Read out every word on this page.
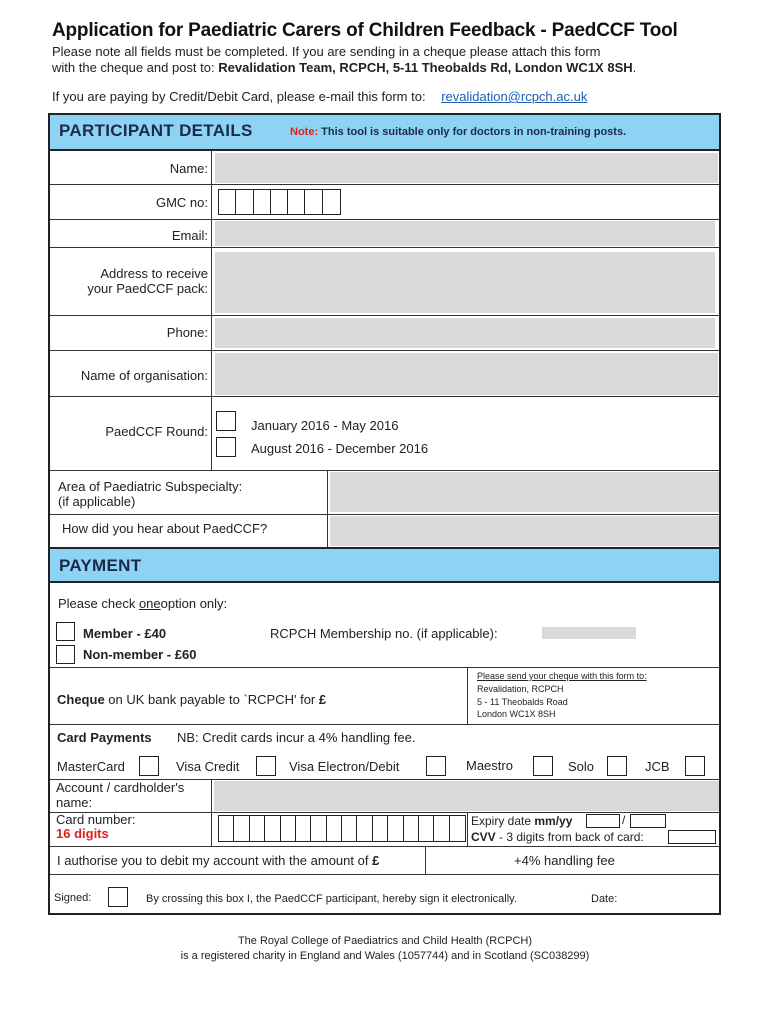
Application for Paediatric Carers of Children Feedback - PaedCCF Tool
Please note all fields must be completed. If you are sending in a cheque please attach this form
with the cheque and post to: Revalidation Team, RCPCH, 5-11 Theobalds Rd, London WC1X 8SH.
If you are paying by Credit/Debit Card, please e-mail this form to: revalidation@rcpch.ac.uk
PARTICIPANT DETAILS	Note: This tool is suitable only for doctors in non-training posts.
Name:
GMC no:
Email:
Address to receive
your PaedCCF pack:
Phone:
Name of organisation:
PaedCCF Round:	January 2016 - May 2016
August 2016 - December 2016
Area of Paediatric Subspecialty:
(if applicable)
How did you hear about PaedCCF?
PAYMENT
Please check oneoption only:
Member - £40	RCPCH Membership no. (if applicable):
Non-member - £60
Cheque on UK bank payable to `RCPCH' for £
Please send your cheque with this form to:
Revalidation, RCPCH
5 - 11 Theobalds Road
London WC1X 8SH
Card Payments NB: Credit cards incur a 4% handling fee.
MasterCard	Visa Credit	Visa Electron/Debit	Maestro	Solo	JCB
Account / cardholder's
name:
Card number:
16 digits
Expiry date mm/yy	/
CVV - 3 digits from back of card:
I authorise you to debit my account with the amount of £	+4% handling fee
Signed:	By crossing this box I, the PaedCCF participant, hereby sign it electronically.	Date:
The Royal College of Paediatrics and Child Health (RCPCH)
is a registered charity in England and Wales (1057744) and in Scotland (SC038299)
